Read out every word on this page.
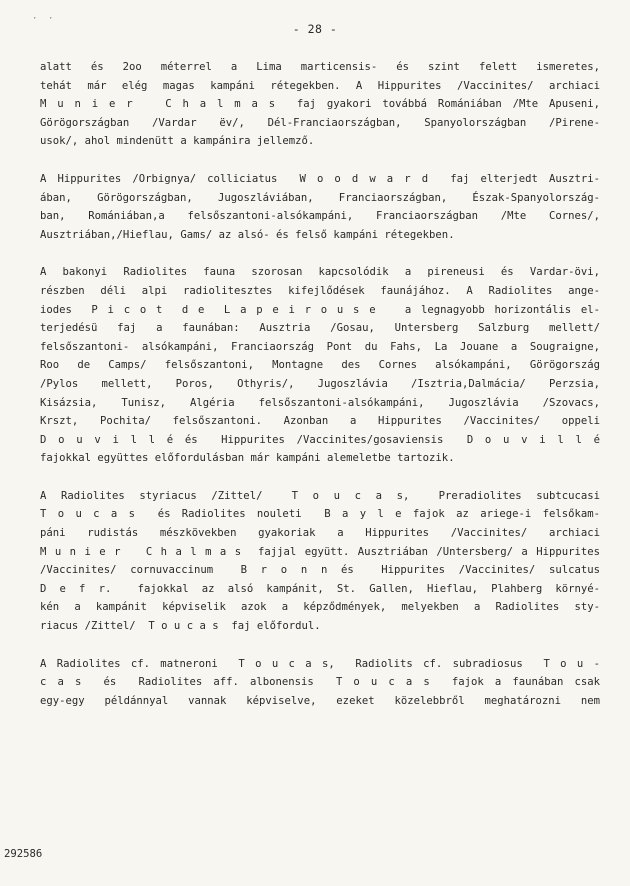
- 28 -
· ·
alatt és 2oo méterrel a Lima marticensis- és szint felett ismeretes,
tehát már elég magas kampáni rétegekben. A Hippurites /Vaccinites/ archiaci
M u n i e r   C h a l m a s  faj gyakori továbbá Romániában /Mte Apuseni,
Görögországban /Vardar ëv/, Dél-Franciaországban, Spanyolországban /Pirene-
usok/, ahol mindenütt a kampánira jellemző.
A Hippurites /Orbignya/ colliciatus  W o o d w a r d  faj elterjedt Ausztri-
ában, Görögországban, Jugoszláviában, Franciaországban, Észak-Spanyolország-
ban, Romániában,a felsőszantoni-alsókampáni, Franciaországban /Mte Cornes/,
Ausztriában,/Hieflau, Gams/ az alsó- és felső kampáni rétegekben.
A bakonyi Radiolites fauna szorosan kapcsolódik a pireneusi és Vardar-övi,
részben déli alpi radiolitesztes kifejlődések faunájához. A Radiolites ange-
iodes  P i c o t  d e  L a p e i r o u s e   a legnagyobb horizontális el-
terjedésü faj a faunában: Ausztria /Gosau, Untersberg Salzburg mellett/
felsőszantoni- alsókampáni, Franciaország Pont du Fahs, La Jouane a Sougraigne,
Roo de Camps/ felsőszantoni, Montagne des Cornes alsókampáni, Görögország
/Pylos mellett, Poros, Othyris/, Jugoszlávia /Isztria,Dalmácia/ Perzsia,
Kisázsia, Tunisz, Algéria felsőszantoni-alsókampáni, Jugoszlávia /Szovacs,
Krszt, Pochita/ felsőszantoni. Azonban a Hippurites /Vaccinites/ oppeli
D o u v i l l é és  Hippurites /Vaccinites/gosaviensis  D o u v i l l é
fajokkal együttes előfordulásban már kampáni alemeletbe tartozik.
A Radiolites styriacus /Zittel/  T o u c a s,  Preradiolites subtcucasi
T o u c a s  és Radiolites nouleti  B a y l e fajok az ariege-i felsőkam-
páni rudistás mészkövekben gyakoriak a Hippurites /Vaccinites/ archiaci
M u n i e r   C h a l m a s  fajjal együtt. Ausztriában /Untersberg/ a Hippurites
/Vaccinites/ cornuvaccinum  B r o n n és  Hippurites /Vaccinites/ sulcatus
D e f r.  fajokkal az alsó kampánit, St. Gallen, Hieflau, Plahberg környé-
kén a kampánit képviselik azok a képződmények, melyekben a Radiolites sty-
riacus /Zittel/  T o u c a s  faj előfordul.
A Radiolites cf. matneroni  T o u c a s,  Radiolits cf. subradiosus  T o u -
c a s  és  Radiolites aff. albonensis  T o u c a s  fajok a faunában csak
egy-egy példánnyal vannak képviselve, ezeket közelebbről meghatározni nem
292586
